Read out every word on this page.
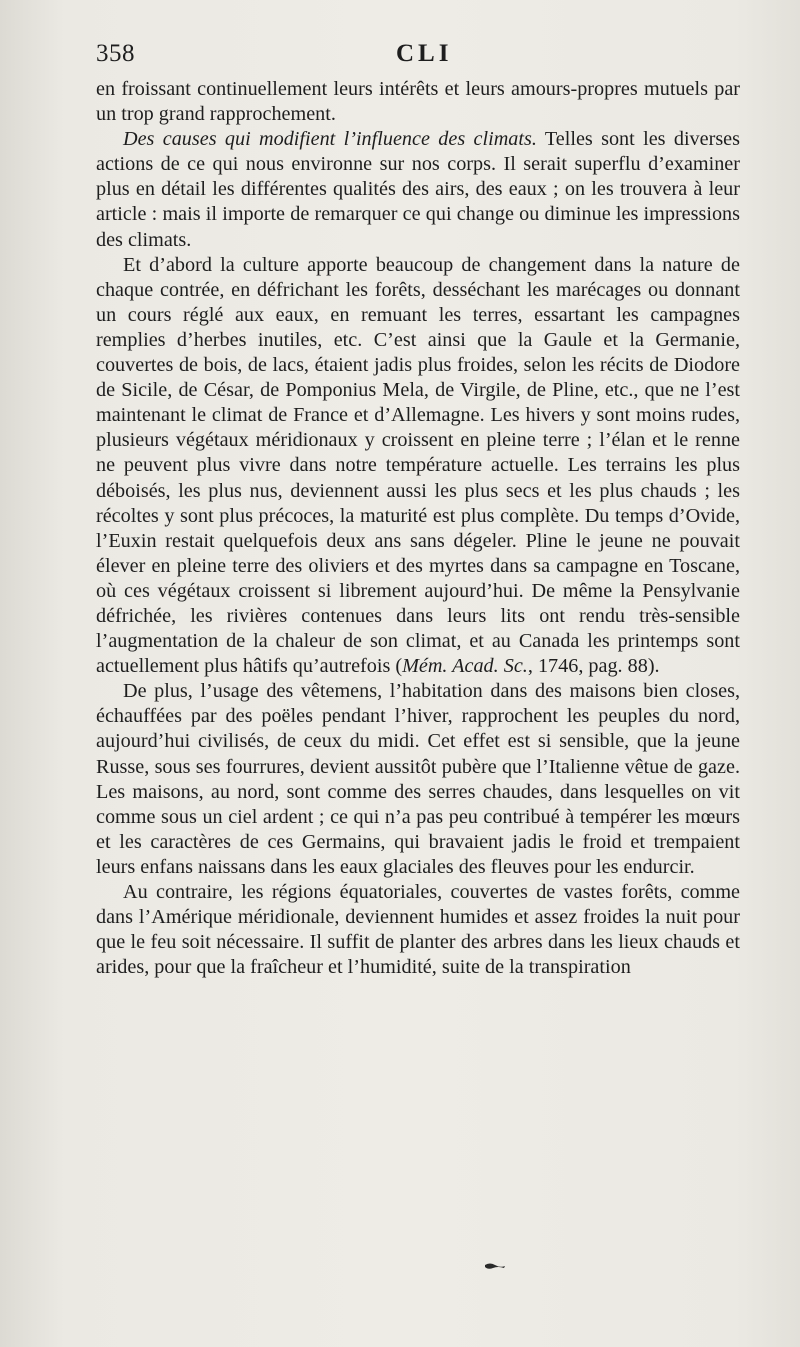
358	CLI

en froissant continuellement leurs intérêts et leurs amours-propres mutuels par un trop grand rapprochement.

Des causes qui modifient l’influence des climats. Telles sont les diverses actions de ce qui nous environne sur nos corps. Il serait superflu d’examiner plus en détail les différentes qualités des airs, des eaux ; on les trouvera à leur article : mais il importe de remarquer ce qui change ou diminue les impressions des climats.

Et d’abord la culture apporte beaucoup de changement dans la nature de chaque contrée, en défrichant les forêts, desséchant les marécages ou donnant un cours réglé aux eaux, en remuant les terres, essartant les campagnes remplies d’herbes inutiles, etc. C’est ainsi que la Gaule et la Germanie, couvertes de bois, de lacs, étaient jadis plus froides, selon les récits de Diodore de Sicile, de César, de Pomponius Mela, de Virgile, de Pline, etc., que ne l’est maintenant le climat de France et d’Allemagne. Les hivers y sont moins rudes, plusieurs végétaux méridionaux y croissent en pleine terre ; l’élan et le renne ne peuvent plus vivre dans notre température actuelle. Les terrains les plus déboisés, les plus nus, deviennent aussi les plus secs et les plus chauds ; les récoltes y sont plus précoces, la maturité est plus complète. Du temps d’Ovide, l’Euxin restait quelquefois deux ans sans dégeler. Pline le jeune ne pouvait élever en pleine terre des oliviers et des myrtes dans sa campagne en Toscane, où ces végétaux croissent si librement aujourd’hui. De même la Pensylvanie défrichée, les rivières contenues dans leurs lits ont rendu très-sensible l’augmentation de la chaleur de son climat, et au Canada les printemps sont actuellement plus hâtifs qu’autrefois (Mém. Acad. Sc., 1746, pag. 88).

De plus, l’usage des vêtemens, l’habitation dans des maisons bien closes, échauffées par des poëles pendant l’hiver, rapprochent les peuples du nord, aujourd’hui civilisés, de ceux du midi. Cet effet est si sensible, que la jeune Russe, sous ses fourrures, devient aussitôt pubère que l’Italienne vêtue de gaze. Les maisons, au nord, sont comme des serres chaudes, dans lesquelles on vit comme sous un ciel ardent ; ce qui n’a pas peu contribué à tempérer les mœurs et les caractères de ces Germains, qui bravaient jadis le froid et trempaient leurs enfans naissans dans les eaux glaciales des fleuves pour les endurcir.

Au contraire, les régions équatoriales, couvertes de vastes forêts, comme dans l’Amérique méridionale, deviennent humides et assez froides la nuit pour que le feu soit nécessaire. Il suffit de planter des arbres dans les lieux chauds et arides, pour que la fraîcheur et l’humidité, suite de la transpiration
